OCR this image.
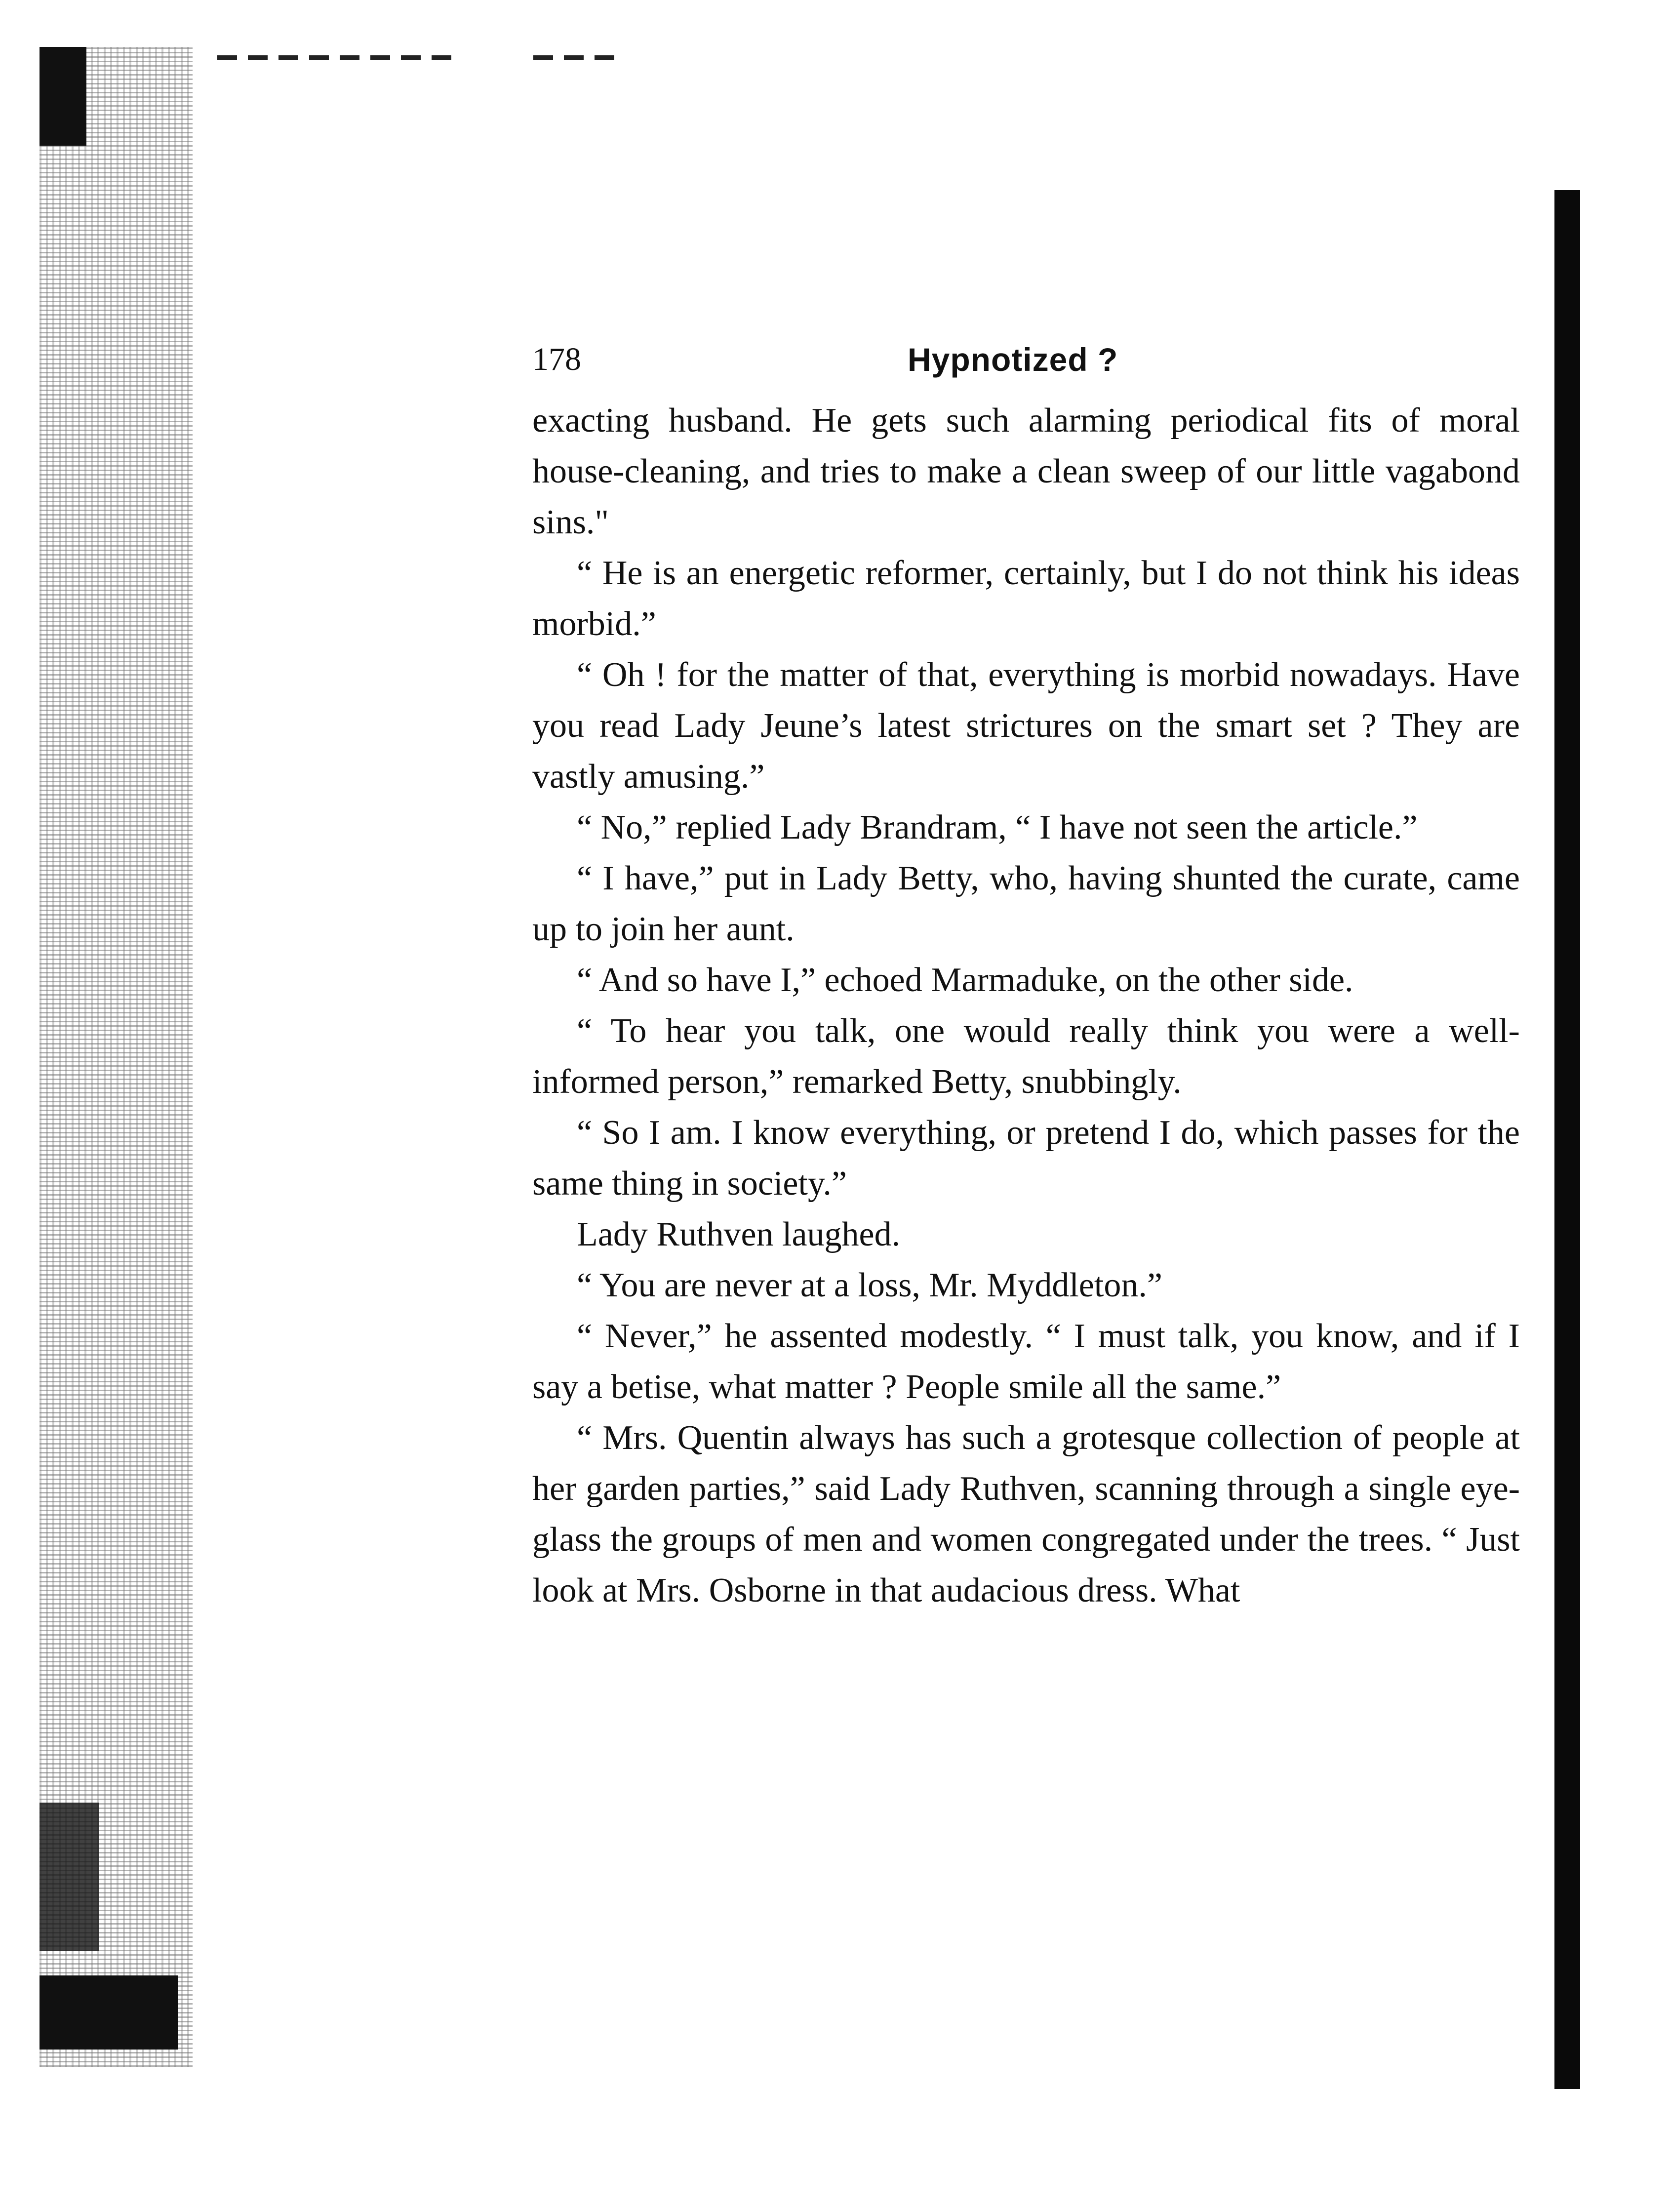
178	Hypnotized ?

exacting husband. He gets such alarming periodical fits of moral house-cleaning, and tries to make a clean sweep of our little vagabond sins."

“ He is an energetic reformer, certainly, but I do not think his ideas morbid.”

“ Oh ! for the matter of that, everything is morbid nowadays. Have you read Lady Jeune’s latest strictures on the smart set ? They are vastly amusing.”

“ No,” replied Lady Brandram, “ I have not seen the article.”

“ I have,” put in Lady Betty, who, having shunted the curate, came up to join her aunt.

“ And so have I,” echoed Marmaduke, on the other side.

“ To hear you talk, one would really think you were a well-informed person,” remarked Betty, snubbingly.

“ So I am. I know everything, or pretend I do, which passes for the same thing in society.”

Lady Ruthven laughed.

“ You are never at a loss, Mr. Myddleton.”

“ Never,” he assented modestly. “ I must talk, you know, and if I say a betise, what matter ? People smile all the same.”

“ Mrs. Quentin always has such a grotesque collection of people at her garden parties,” said Lady Ruthven, scanning through a single eye-glass the groups of men and women congregated under the trees. “ Just look at Mrs. Osborne in that audacious dress. What
